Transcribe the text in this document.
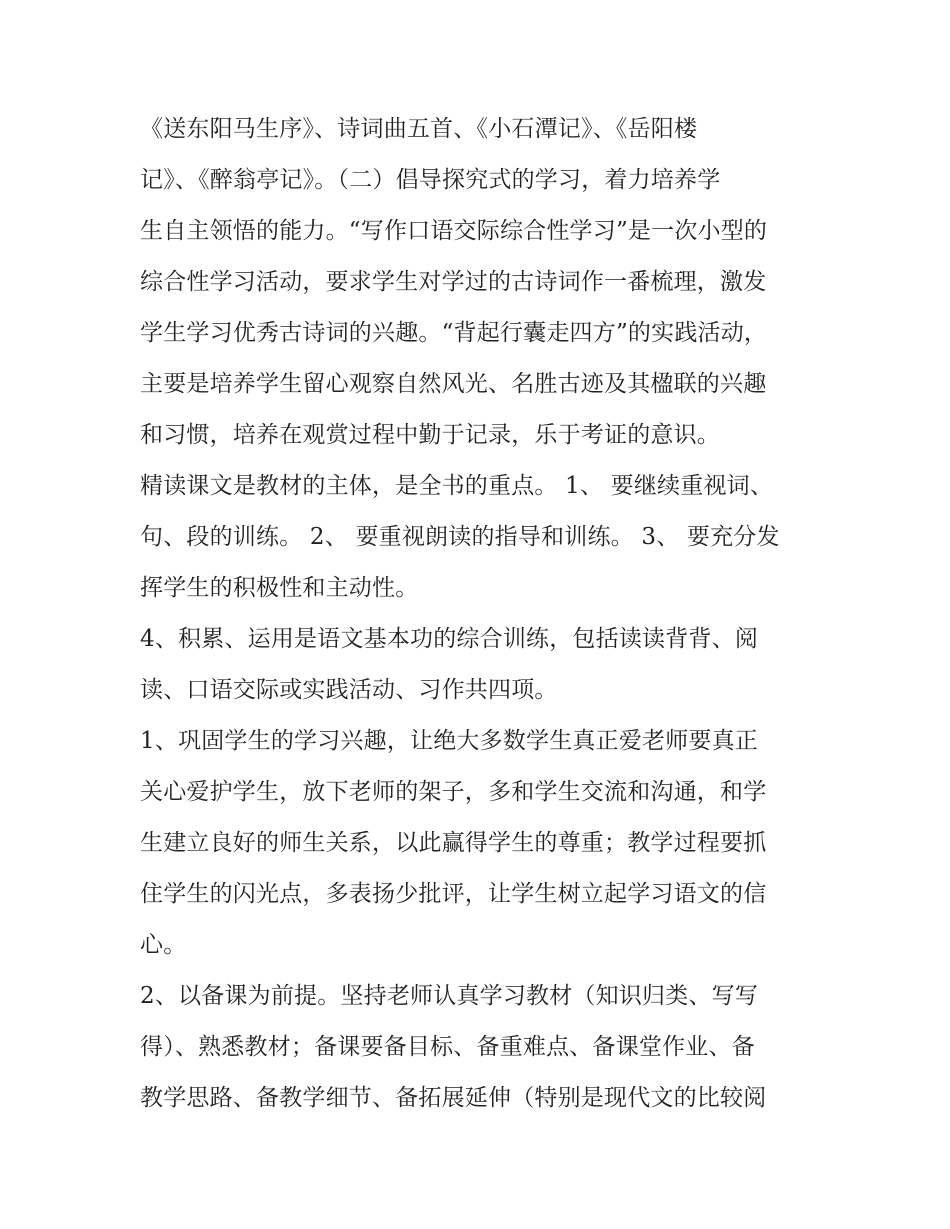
《送东阳马生序》、诗词曲五首、《小石潭记》、《岳阳楼
记》、《醉翁亭记》。（二）倡导探究式的学习，着力培养学
生自主领悟的能力。“写作口语交际综合性学习”是一次小型的
综合性学习活动，要求学生对学过的古诗词作一番梳理，激发
学生学习优秀古诗词的兴趣。“背起行囊走四方”的实践活动，
主要是培养学生留心观察自然风光、名胜古迹及其楹联的兴趣
和习惯，培养在观赏过程中勤于记录，乐于考证的意识。
精读课文是教材的主体，是全书的重点。 1、 要继续重视词、
句、段的训练。 2、 要重视朗读的指导和训练。 3、 要充分发
挥学生的积极性和主动性。
4、积累、运用是语文基本功的综合训练，包括读读背背、阅
读、口语交际或实践活动、习作共四项。
1、巩固学生的学习兴趣，让绝大多数学生真正爱老师要真正
关心爱护学生，放下老师的架子，多和学生交流和沟通，和学
生建立良好的师生关系，以此赢得学生的尊重；教学过程要抓
住学生的闪光点，多表扬少批评，让学生树立起学习语文的信
心。
2、以备课为前提。坚持老师认真学习教材（知识归类、写写
得）、熟悉教材；备课要备目标、备重难点、备课堂作业、备
教学思路、备教学细节、备拓展延伸（特别是现代文的比较阅
